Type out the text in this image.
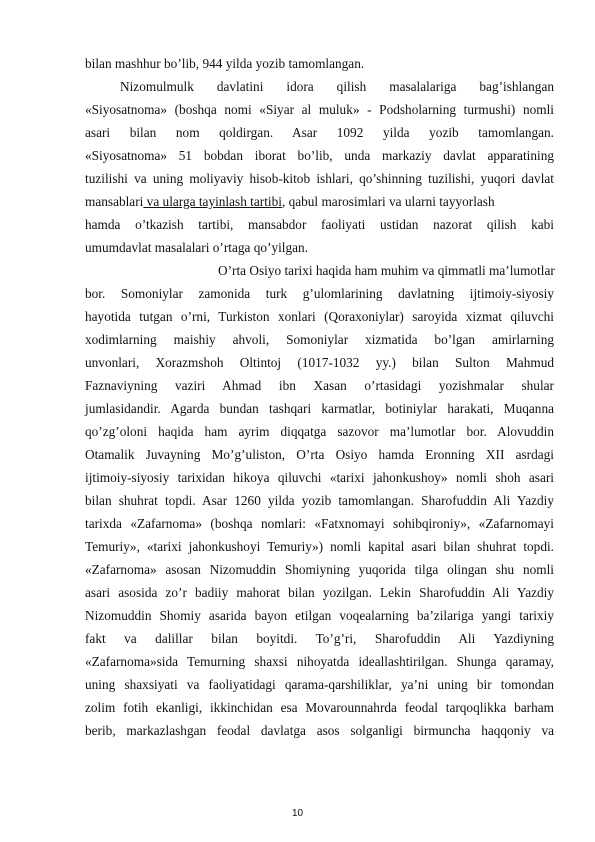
bilan mashhur bo’lib, 944 yilda yozib tamomlangan.
Nizomulmulk davlatini idora qilish masalalariga bag’ishlangan
«Siyosatnoma» (boshqa nomi «Siyar al muluk» - Podsholarning turmushi) nomli
asari bilan nom qoldirgan. Asar 1092 yilda yozib tamomlangan.
«Siyosatnoma» 51 bobdan iborat bo’lib, unda markaziy davlat apparatining
tuzilishi va uning moliyaviy hisob-kitob ishlari, qo’shinning tuzilishi, yuqori davlat
mansablari va ularga tayinlash tartibi, qabul marosimlari va ularni tayyorlash
hamda o’tkazish tartibi, mansabdor faoliyati ustidan nazorat qilish kabi
umumdavlat masalalari o’rtaga qo’yilgan.
O’rta Osiyo tarixi haqida ham muhim va qimmatli ma’lumotlar
bor. Somoniylar zamonida turk g’ulomlarining davlatning ijtimoiy-siyosiy
hayotida tutgan o’rni, Turkiston xonlari (Qoraxoniylar) saroyida xizmat qiluvchi
xodimlarning maishiy ahvoli, Somoniylar xizmatida bo’lgan amirlarning
unvonlari, Xorazmshoh Oltintoj (1017-1032 yy.) bilan Sulton Mahmud
Faznaviyning vaziri Ahmad ibn Xasan o’rtasidagi yozishmalar shular
jumlasidandir. Agarda bundan tashqari karmatlar, botiniylar harakati, Muqanna
qo’zg’oloni haqida ham ayrim diqqatga sazovor ma’lumotlar bor. Alovuddin
Otamalik Juvayning Mo’g’uliston, O’rta Osiyo hamda Eronning XII asrdagi
ijtimoiy-siyosiy tarixidan hikoya qiluvchi «tarixi jahonkushoy» nomli shoh asari
bilan shuhrat topdi. Asar 1260 yilda yozib tamomlangan. Sharofuddin Ali Yazdiy
tarixda «Zafarnoma» (boshqa nomlari: «Fatxnomayi sohibqironiy», «Zafarnomayi
Temuriy», «tarixi jahonkushoyi Temuriy») nomli kapital asari bilan shuhrat topdi.
«Zafarnoma» asosan Nizomuddin Shomiyning yuqorida tilga olingan shu nomli
asari asosida zo’r badiiy mahorat bilan yozilgan. Lekin Sharofuddin Ali Yazdiy
Nizomuddin Shomiy asarida bayon etilgan voqealarning ba’zilariga yangi tarixiy
fakt va dalillar bilan boyitdi. To’g’ri, Sharofuddin Ali Yazdiyning
«Zafarnoma»sida Temurning shaxsi nihoyatda ideallashtirilgan. Shunga qaramay,
uning shaxsiyati va faoliyatidagi qarama-qarshiliklar, ya’ni uning bir tomondan
zolim fotih ekanligi, ikkinchidan esa Movarounnahrda feodal tarqoqlikka barham
berib, markazlashgan feodal davlatga asos solganligi birmuncha haqqoniy va
10
